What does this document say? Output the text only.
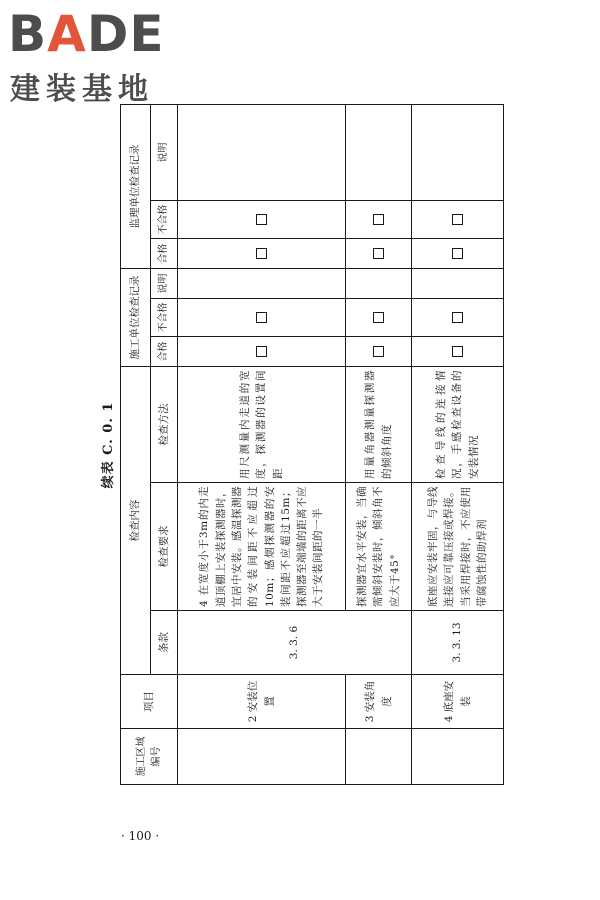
BADE
建装基地
续表 C. 0. 1
· 100 ·
施工区域编号	项目	检查内容			施工单位检查记录			监理单位检查记录		
		条款	检查要求	检查方法	合格	不合格	说明	合格	不合格	说明

	2 安装位置	3. 3. 6	4 在宽度小于3m的内走道顶棚上安装探测器时，宜居中安装。感温探测器的安装间距不应超过10m；感烟探测器的安装间距不应超过15m；探测器至端墙的距离不应大于安装间距的一半	用尺测量内走道的宽度，探测器的设置间距						
	3 安装角度		探测器宜水平安装，当确需倾斜安装时，倾斜角不应大于45°	用量角器测量探测器的倾斜角度						
	4 底座安装	3. 3. 13	底座应安装牢固，与导线连接应可靠压接或焊接。当采用焊接时，不应使用带腐蚀性的助焊剂	检查导线的连接情况，手感检查设备的安装情况						
